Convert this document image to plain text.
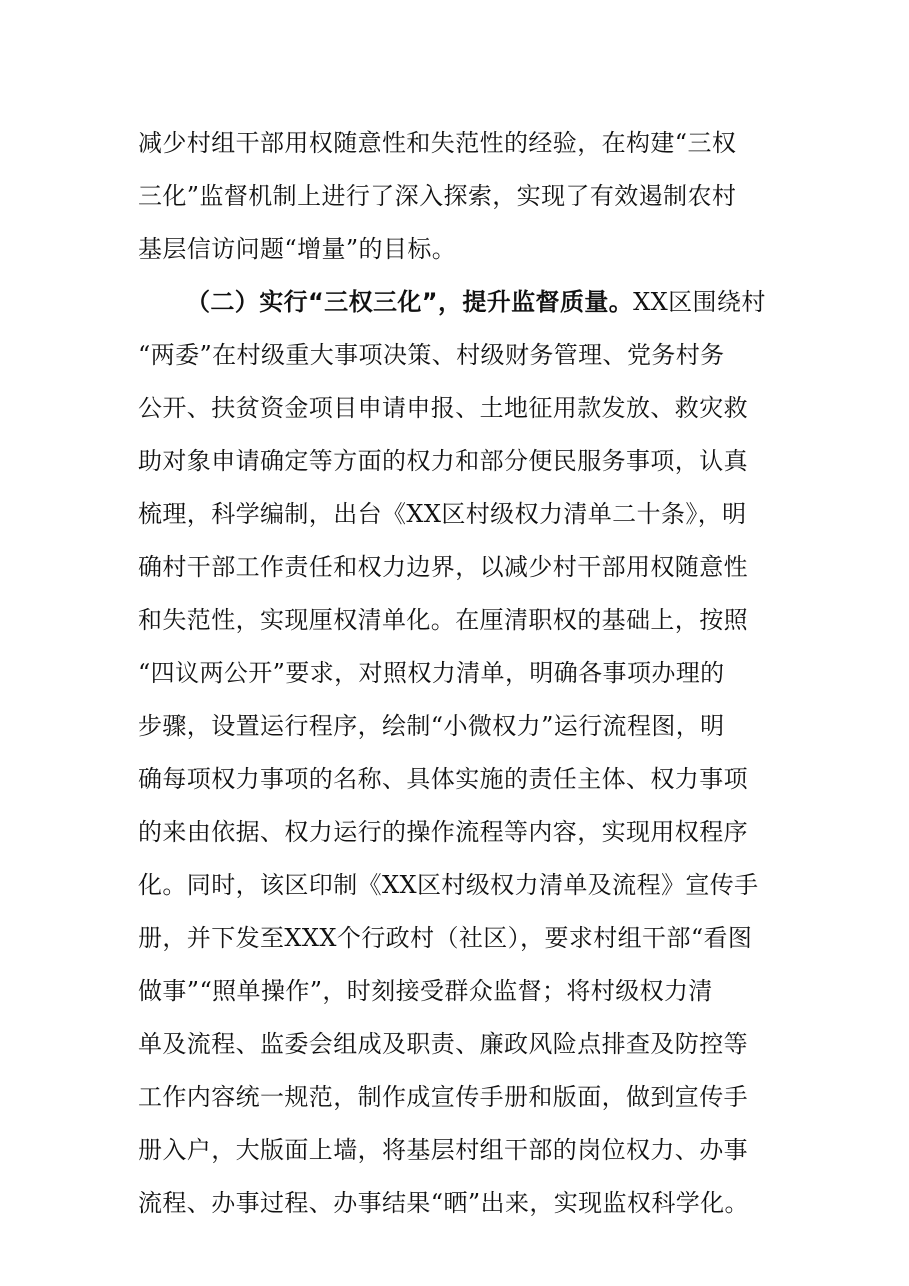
减少村组干部用权随意性和失范性的经验，在构建“三权
三化”监督机制上进行了深入探索，实现了有效遏制农村
基层信访问题“增量”的目标。
（二）实行“三权三化”，提升监督质量。XX区围绕村
“两委”在村级重大事项决策、村级财务管理、党务村务
公开、扶贫资金项目申请申报、土地征用款发放、救灾救
助对象申请确定等方面的权力和部分便民服务事项，认真
梳理，科学编制，出台《XX区村级权力清单二十条》，明
确村干部工作责任和权力边界，以减少村干部用权随意性
和失范性，实现厘权清单化。在厘清职权的基础上，按照
“四议两公开”要求，对照权力清单，明确各事项办理的
步骤，设置运行程序，绘制“小微权力”运行流程图，明
确每项权力事项的名称、具体实施的责任主体、权力事项
的来由依据、权力运行的操作流程等内容，实现用权程序
化。同时，该区印制《XX区村级权力清单及流程》宣传手
册，并下发至XXX个行政村（社区），要求村组干部“看图
做事”“照单操作”，时刻接受群众监督；将村级权力清
单及流程、监委会组成及职责、廉政风险点排查及防控等
工作内容统一规范，制作成宣传手册和版面，做到宣传手
册入户，大版面上墙，将基层村组干部的岗位权力、办事
流程、办事过程、办事结果“晒”出来，实现监权科学化。
